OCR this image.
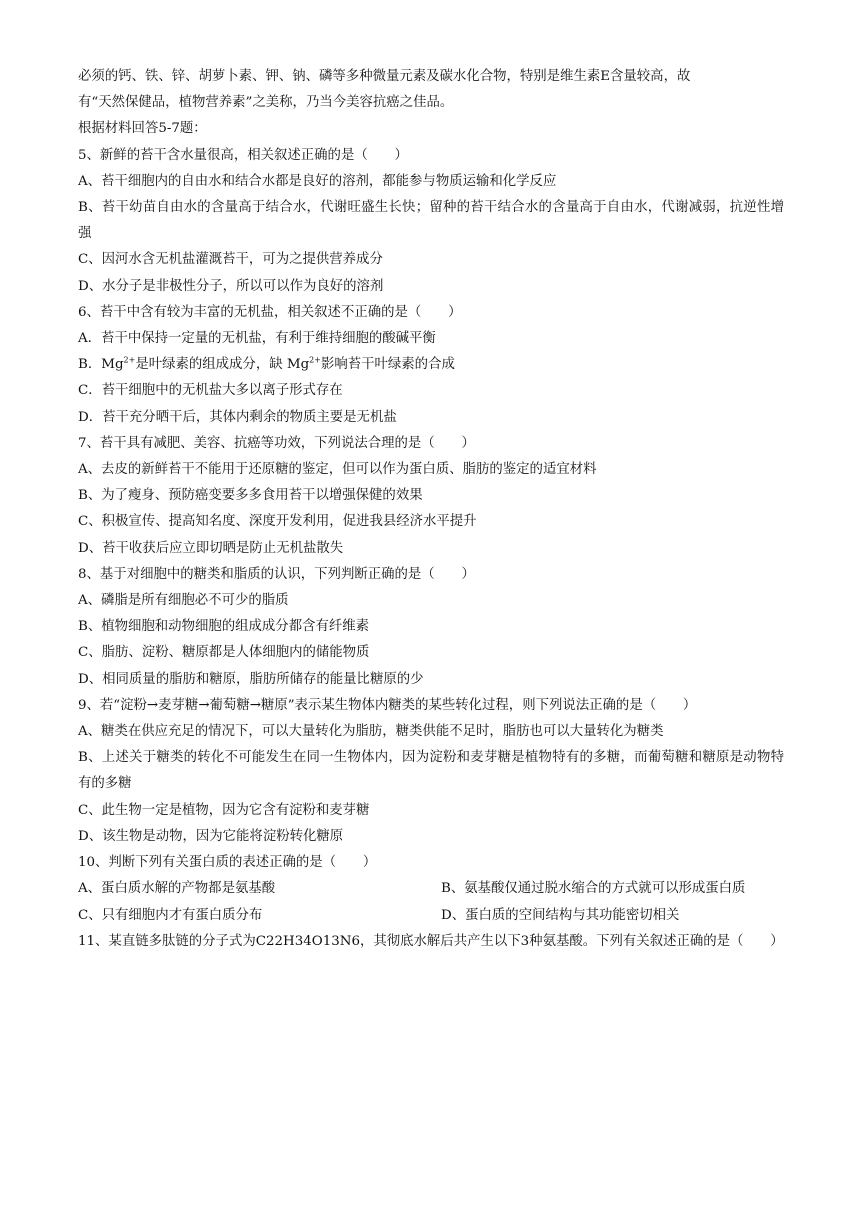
必须的钙、铁、锌、胡萝卜素、钾、钠、磷等多种微量元素及碳水化合物，特别是维生素E含量较高，故
有“天然保健品，植物营养素”之美称，乃当今美容抗癌之佳品。
根据材料回答5-7题：
5、新鲜的苔干含水量很高，相关叙述正确的是（　　）
A、苔干细胞内的自由水和结合水都是良好的溶剂，都能参与物质运输和化学反应
B、苔干幼苗自由水的含量高于结合水，代谢旺盛生长快；留种的苔干结合水的含量高于自由水，代谢减弱，抗逆性增强
C、因河水含无机盐灌溉苔干，可为之提供营养成分
D、水分子是非极性分子，所以可以作为良好的溶剂
6、苔干中含有较为丰富的无机盐，相关叙述不正确的是（　　）
A．苔干中保持一定量的无机盐，有利于维持细胞的酸碱平衡
B．$Mg^{2+}$是叶绿素的组成成分，缺 $Mg^{2+}$影响苔干叶绿素的合成
C．苔干细胞中的无机盐大多以离子形式存在
D．苔干充分晒干后，其体内剩余的物质主要是无机盐
7、苔干具有减肥、美容、抗癌等功效，下列说法合理的是（　　）
A、去皮的新鲜苔干不能用于还原糖的鉴定，但可以作为蛋白质、脂肪的鉴定的适宜材料
B、为了瘦身、预防癌变要多多食用苔干以增强保健的效果
C、积极宣传、提高知名度、深度开发利用，促进我县经济水平提升
D、苔干收获后应立即切晒是防止无机盐散失
8、基于对细胞中的糖类和脂质的认识，下列判断正确的是（　　）
A、磷脂是所有细胞必不可少的脂质
B、植物细胞和动物细胞的组成成分都含有纤维素
C、脂肪、淀粉、糖原都是人体细胞内的储能物质
D、相同质量的脂肪和糖原，脂肪所储存的能量比糖原的少
9、若“淀粉→麦芽糖→葡萄糖→糖原”表示某生物体内糖类的某些转化过程，则下列说法正确的是（　　）
A、糖类在供应充足的情况下，可以大量转化为脂肪，糖类供能不足时，脂肪也可以大量转化为糖类
B、上述关于糖类的转化不可能发生在同一生物体内，因为淀粉和麦芽糖是植物特有的多糖，而葡萄糖和糖原是动物特有的多糖
C、此生物一定是植物，因为它含有淀粉和麦芽糖
D、该生物是动物，因为它能将淀粉转化糖原
10、判断下列有关蛋白质的表述正确的是（　　）
A、蛋白质水解的产物都是氨基酸	B、氨基酸仅通过脱水缩合的方式就可以形成蛋白质
C、只有细胞内才有蛋白质分布	D、蛋白质的空间结构与其功能密切相关
11、某直链多肽链的分子式为C22H34O13N6，其彻底水解后共产生以下3种氨基酸。下列有关叙述正确的是（　　）
